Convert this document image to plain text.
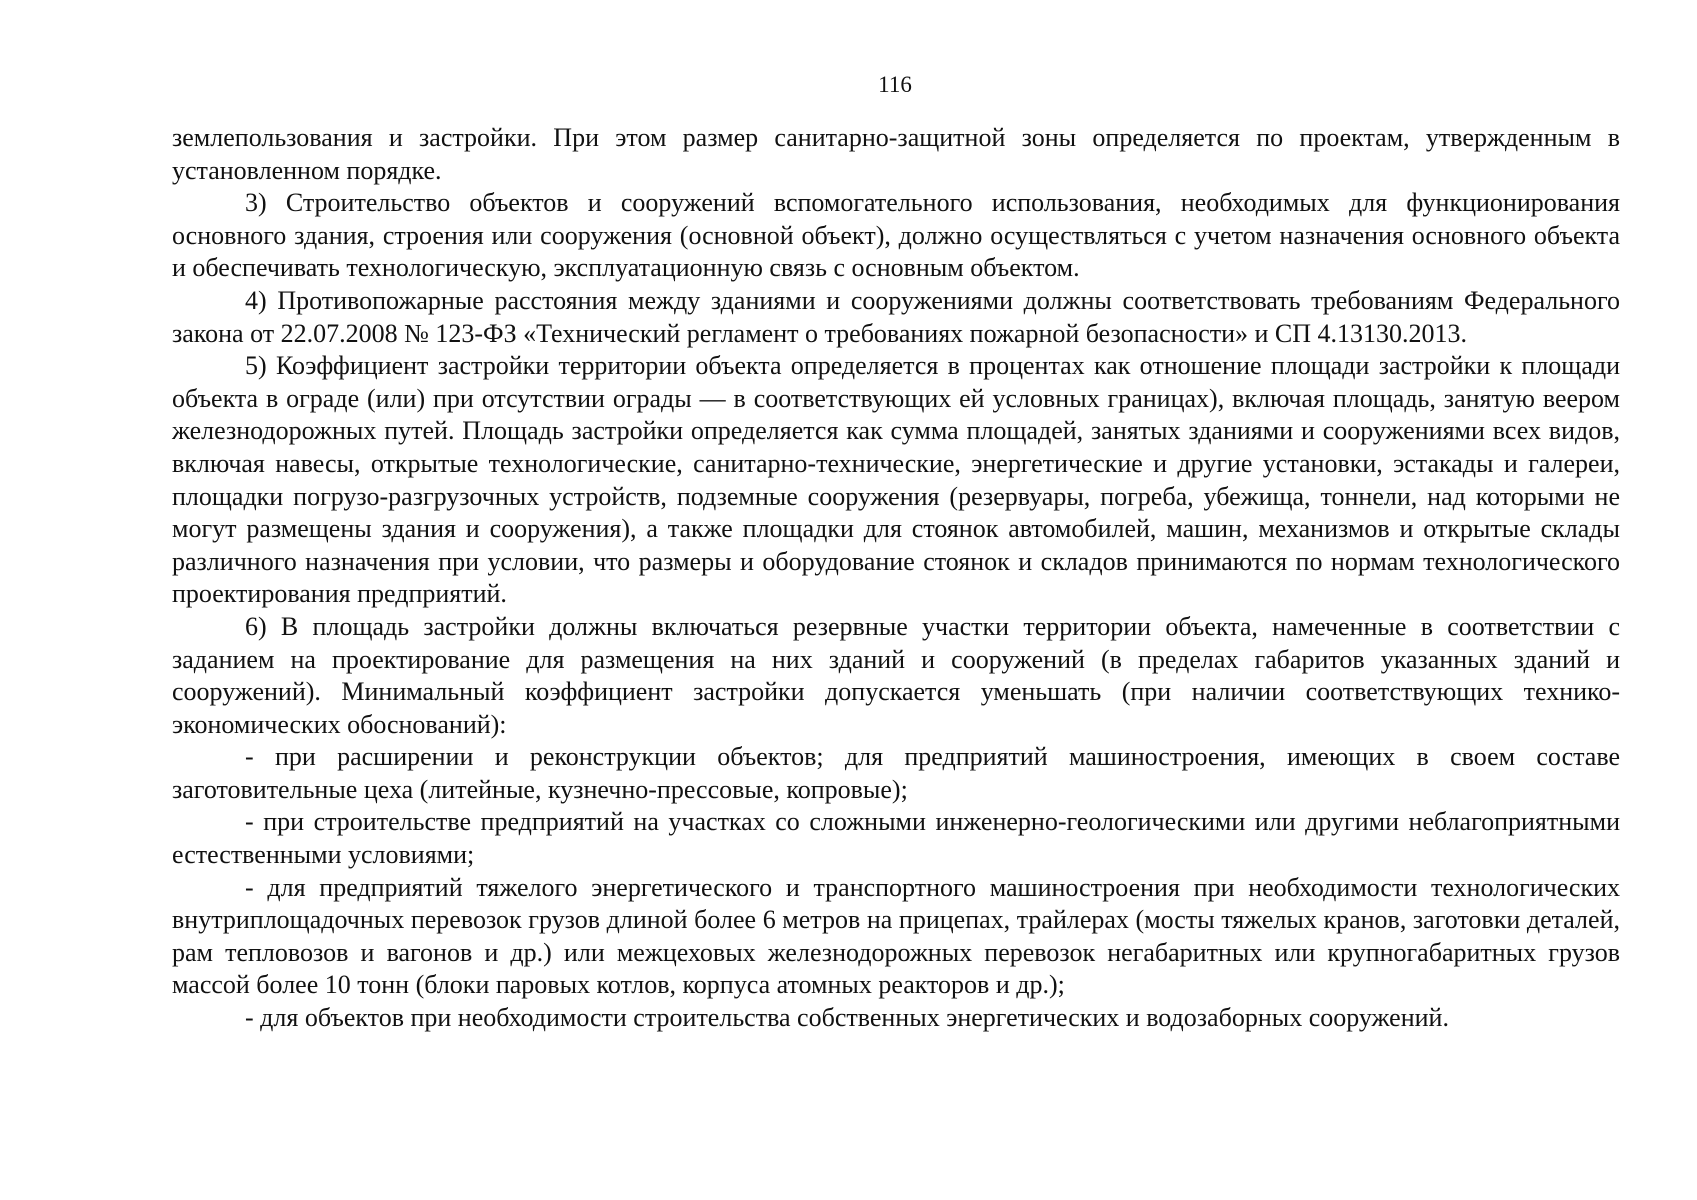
116

землепользования и застройки. При этом размер санитарно-защитной зоны определяется по проектам, утвержденным в установленном порядке.

3) Строительство объектов и сооружений вспомогательного использования, необходимых для функционирования основного здания, строения или сооружения (основной объект), должно осуществляться с учетом назначения основного объекта и обеспечивать технологическую, эксплуатационную связь с основным объектом.

4) Противопожарные расстояния между зданиями и сооружениями должны соответствовать требованиям Федерального закона от 22.07.2008 № 123-ФЗ «Технический регламент о требованиях пожарной безопасности» и СП 4.13130.2013.

5) Коэффициент застройки территории объекта определяется в процентах как отношение площади застройки к площади объекта в ограде (или) при отсутствии ограды — в соответствующих ей условных границах), включая площадь, занятую веером железнодорожных путей. Площадь застройки определяется как сумма площадей, занятых зданиями и сооружениями всех видов, включая навесы, открытые технологические, санитарно-технические, энергетические и другие установки, эстакады и галереи, площадки погрузо-разгрузочных устройств, подземные сооружения (резервуары, погреба, убежища, тоннели, над которыми не могут размещены здания и сооружения), а также площадки для стоянок автомобилей, машин, механизмов и открытые склады различного назначения при условии, что размеры и оборудование стоянок и складов принимаются по нормам технологического проектирования предприятий.

6) В площадь застройки должны включаться резервные участки территории объекта, намеченные в соответствии с заданием на проектирование для размещения на них зданий и сооружений (в пределах габаритов указанных зданий и сооружений). Минимальный коэффициент застройки допускается уменьшать (при наличии соответствующих технико-экономических обоснований):

- при расширении и реконструкции объектов; для предприятий машиностроения, имеющих в своем составе заготовительные цеха (литейные, кузнечно-прессовые, копровые);

- при строительстве предприятий на участках со сложными инженерно-геологическими или другими неблагоприятными естественными условиями;

- для предприятий тяжелого энергетического и транспортного машиностроения при необходимости технологических внутриплощадочных перевозок грузов длиной более 6 метров на прицепах, трайлерах (мосты тяжелых кранов, заготовки деталей, рам тепловозов и вагонов и др.) или межцеховых железнодорожных перевозок негабаритных или крупногабаритных грузов массой более 10 тонн (блоки паровых котлов, корпуса атомных реакторов и др.);

- для объектов при необходимости строительства собственных энергетических и водозаборных сооружений.
